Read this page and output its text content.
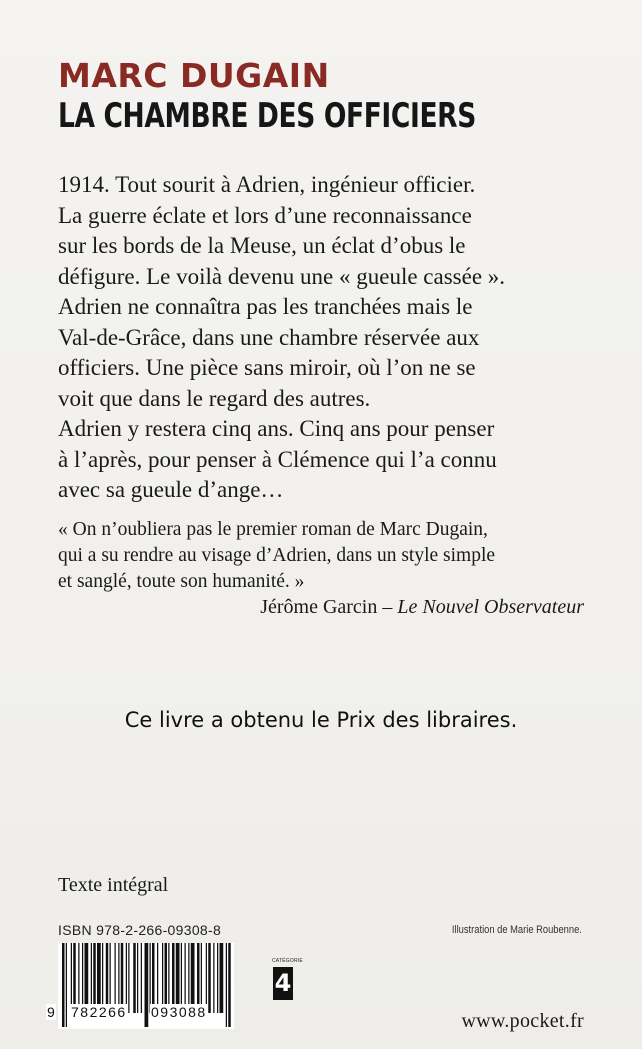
MARC DUGAIN
LA CHAMBRE DES OFFICIERS
1914. Tout sourit à Adrien, ingénieur officier.
La guerre éclate et lors d’une reconnaissance
sur les bords de la Meuse, un éclat d’obus le
défigure. Le voilà devenu une « gueule cassée ».
Adrien ne connaîtra pas les tranchées mais le
Val-de-Grâce, dans une chambre réservée aux
officiers. Une pièce sans miroir, où l’on ne se
voit que dans le regard des autres.
Adrien y restera cinq ans. Cinq ans pour penser
à l’après, pour penser à Clémence qui l’a connu
avec sa gueule d’ange…
« On n’oubliera pas le premier roman de Marc Dugain,
qui a su rendre au visage d’Adrien, dans un style simple
et sanglé, toute son humanité. »
Jérôme Garcin – Le Nouvel Observateur
Ce livre a obtenu le Prix des libraires.
Texte intégral
ISBN 978-2-266-09308-8	Illustration de Marie Roubenne.
9 782266 093088
CATÉGORIE
4
www.pocket.fr
